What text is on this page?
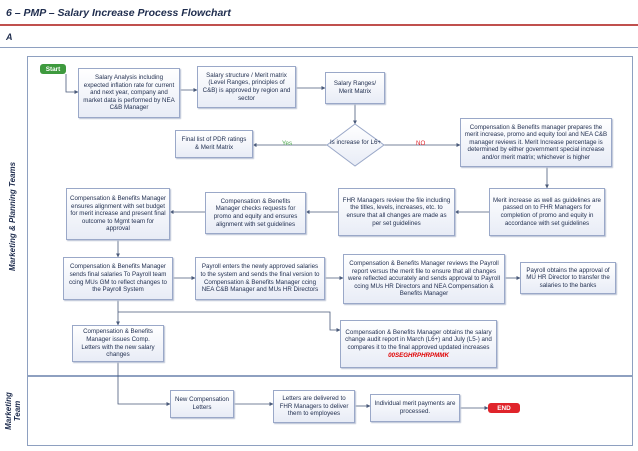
6 – PMP – Salary Increase Process Flowchart
A
Marketing & Planning Teams
Marketing Team
Start
Salary Analysis including expected inflation rate for current and next year, company and market data is performed by NEA C&B Manager
Salary structure / Merit matrix (Level Ranges, principles of C&B) is approved by region and sector
Salary Ranges/ Merit Matrix
Is increase for L6+
Yes	NO
Final list of PDR ratings & Merit Matrix
Compensation & Benefits manager prepares the merit increase, promo and equity tool and NEA C&B manager reviews it. Merit Increase percentage is determined by either government special increase and/or merit matrix; whichever is higher
Merit increase as well as guidelines are passed on to FHR Managers for completion of promo and equity in accordance with set guidelines
FHR Managers review the file including the titles, levels, increases, etc. to ensure that all changes are made as per set guidelines
Compensation & Benefits Manager checks requests for promo and equity and ensures alignment with set guidelines
Compensation & Benefits Manager ensures alignment with set budget for merit increase and present final outcome to Mgmt team for approval
Compensation & Benefits Manager sends final salaries To Payroll team ccing MUs GM to reflect changes to the Payroll System
Payroll enters the newly approved salaries to the system and sends the final version to Compensation & Benefits Manager ccing NEA C&B Manager and MUs HR Directors
Compensation & Benefits Manager reviews the Payroll report versus the merit file to ensure that all changes were reflected accurately and sends approval to Payroll ccing MUs HR Directors and NEA Compensation & Benefits Manager
Payroll obtains the approval of MU HR Director to transfer the salaries to the banks
Compensation & Benefits Manager issues Comp. Letters with the new salary changes
Compensation & Benefits Manager obtains the salary change audit report in March (L6+) and July (L5-) and compares it to the final approved updated increases
00SEGHRPHRPMMK
New Compensation Letters
Letters are delivered to FHR Managers to deliver them to employees
Individual merit payments are processed.	END
